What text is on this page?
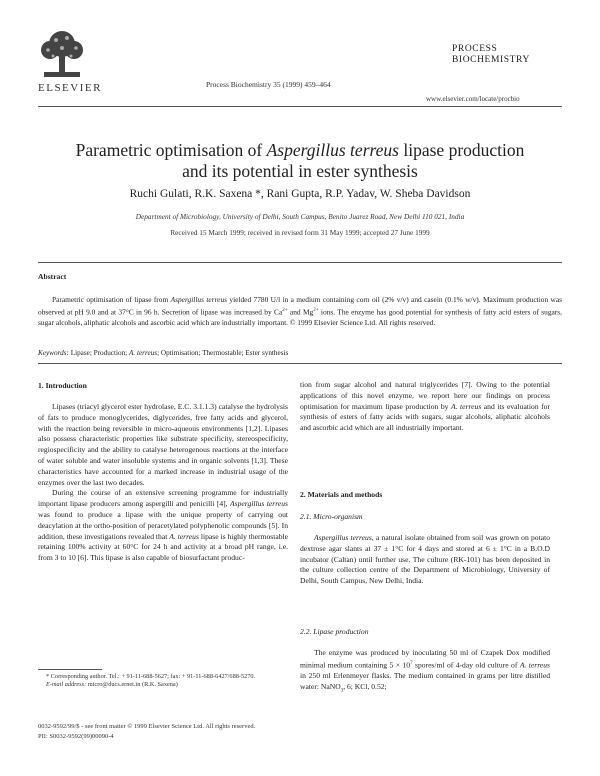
ELSEVIER	Process Biochemistry 35 (1999) 459–464
PROCESS
BIOCHEMISTRY
www.elsevier.com/locate/procbio
Parametric optimisation of Aspergillus terreus lipase production
and its potential in ester synthesis
Ruchi Gulati, R.K. Saxena *, Rani Gupta, R.P. Yadav, W. Sheba Davidson
Department of Microbiology, University of Delhi, South Campus, Benito Juarez Road, New Delhi 110 021, India
Received 15 March 1999; received in revised form 31 May 1999; accepted 27 June 1999
Abstract
Parametric optimisation of lipase from Aspergillus terreus yielded 7780 U/l in a medium containing corn oil (2% v/v) and casein (0.1% w/v). Maximum production was observed at pH 9.0 and at 37°C in 96 h. Secretion of lipase was increased by $Ca^{2+}$ and $Mg^{2+}$ ions. The enzyme has good potential for synthesis of fatty acid esters of sugars, sugar alcohols, aliphatic alcohols and ascorbic acid which are industrially important. © 1999 Elsevier Science Ltd. All rights reserved.
Keywords: Lipase; Production; A. terreus; Optimisation; Thermostable; Ester synthesis
1. Introduction

Lipases (triacyl glycerol ester hydrolase, E.C. 3.1.1.3) catalyse the hydrolysis of fats to produce monoglycerides, diglycerides, free fatty acids and glycerol, with the reaction being reversible in micro-aqueous environments [1,2]. Lipases also possess characteristic properties like substrate specificity, stereospecificity, regiospecificity and the ability to catalyse heterogenous reactions at the interface of water soluble and water insoluble systems and in organic solvents [1,3]. These characteristics have accounted for a marked increase in industrial usage of the enzymes over the last two decades.

During the course of an extensive screening programme for industrially important lipase producers among aspergilli and penicilli [4], Aspergillus terreus was found to produce a lipase with the unique property of carrying out deacylation at the ortho-position of peracetylated polyphenolic compounds [5]. In addition, these investigations revealed that A. terreus lipase is highly thermostable retaining 100% activity at 60°C for 24 h and activity at a broad pH range, i.e. from 3 to 10 [6]. This lipase is also capable of biosurfactant produc-

tion from sugar alcohol and natural triglycerides [7]. Owing to the potential applications of this novel enzyme, we report here our findings on process optimisation for maximum lipase production by A. terreus and its evaluation for synthesis of esters of fatty acids with sugars, sugar alcohols, aliphatic alcohols and ascorbic acid which are all industrially important.

2. Materials and methods
2.1. Micro-organism

Aspergillus terreus, a natural isolate obtained from soil was grown on potato dextrose agar slants at 37 ± 1°C for 4 days and stored at 6 ± 1°C in a B.O.D incubator (Caltan) until further use. The culture (RK-101) has been deposited in the culture collection centre of the Department of Microbiology, University of Delhi, South Campus, New Delhi, India.

2.2. Lipase production

The enzyme was produced by inoculating 50 ml of Czapek Dox modified minimal medium containing $5 \times 10^7$ spores/ml of 4-day old culture of A. terreus in 250 ml Erlenmeyer flasks. The medium contained in grams per litre distilled water: NaNO$_3$, 6; KCl, 0.52;

* Corresponding author. Tel.: + 91-11-688-5627; fax: + 91-11-688-6427/688-5270.
E-mail address: micro@ducs.ernet.in (R.K. Saxena)
0032-9592/99/$ - see front matter © 1999 Elsevier Science Ltd. All rights reserved.
PII: S0032-9592(99)00090-4
